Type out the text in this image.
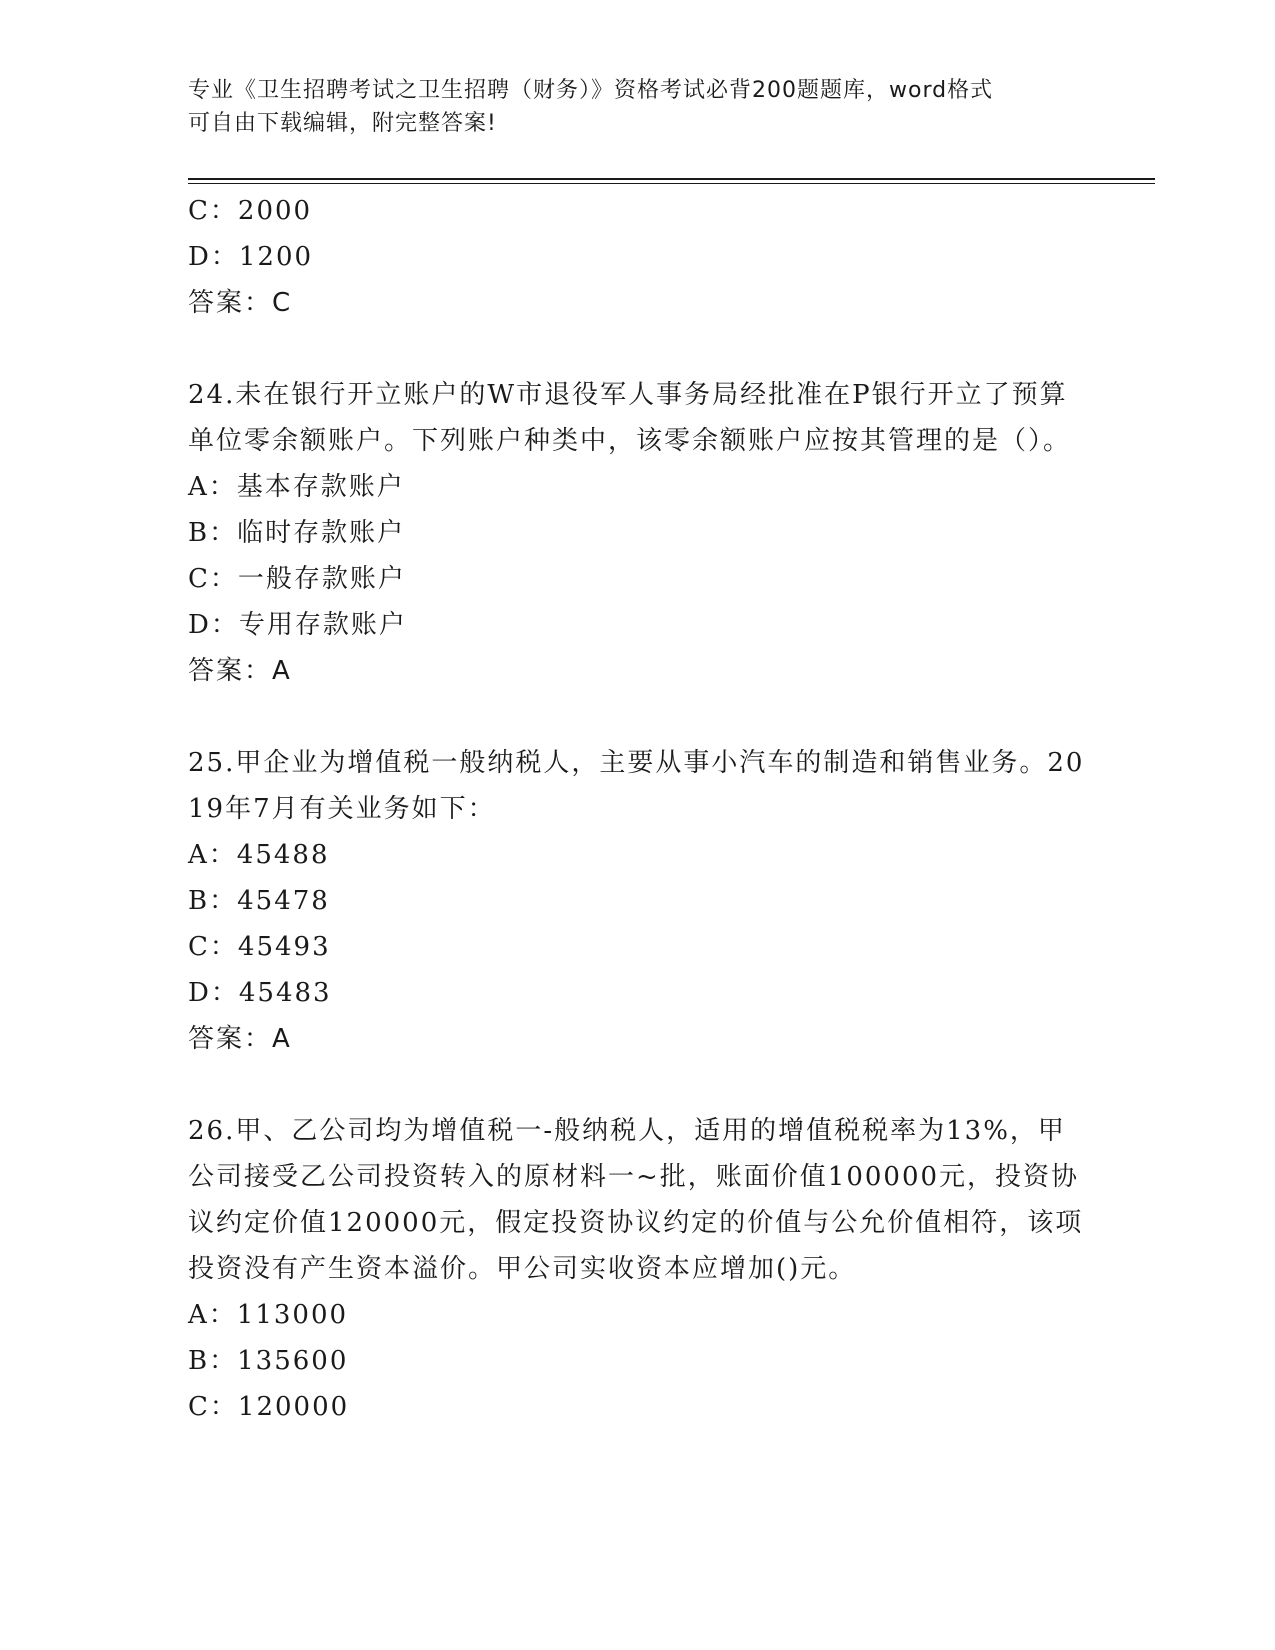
专业《卫生招聘考试之卫生招聘（财务）》资格考试必背200题题库，word格式
可自由下载编辑，附完整答案!
C：2000
D：1200
答案：C
24.未在银行开立账户的W市退役军人事务局经批准在P银行开立了预算单位零余额账户。下列账户种类中，该零余额账户应按其管理的是（）。
A：基本存款账户
B：临时存款账户
C：一般存款账户
D：专用存款账户
答案：A
25.甲企业为增值税一般纳税人，主要从事小汽车的制造和销售业务。2019年7月有关业务如下：
A：45488
B：45478
C：45493
D：45483
答案：A
26.甲、乙公司均为增值税一-般纳税人，适用的增值税税率为13%，甲公司接受乙公司投资转入的原材料一~批，账面价值100000元，投资协议约定价值120000元，假定投资协议约定的价值与公允价值相符，该项投资没有产生资本溢价。甲公司实收资本应增加()元。
A：113000
B：135600
C：120000
